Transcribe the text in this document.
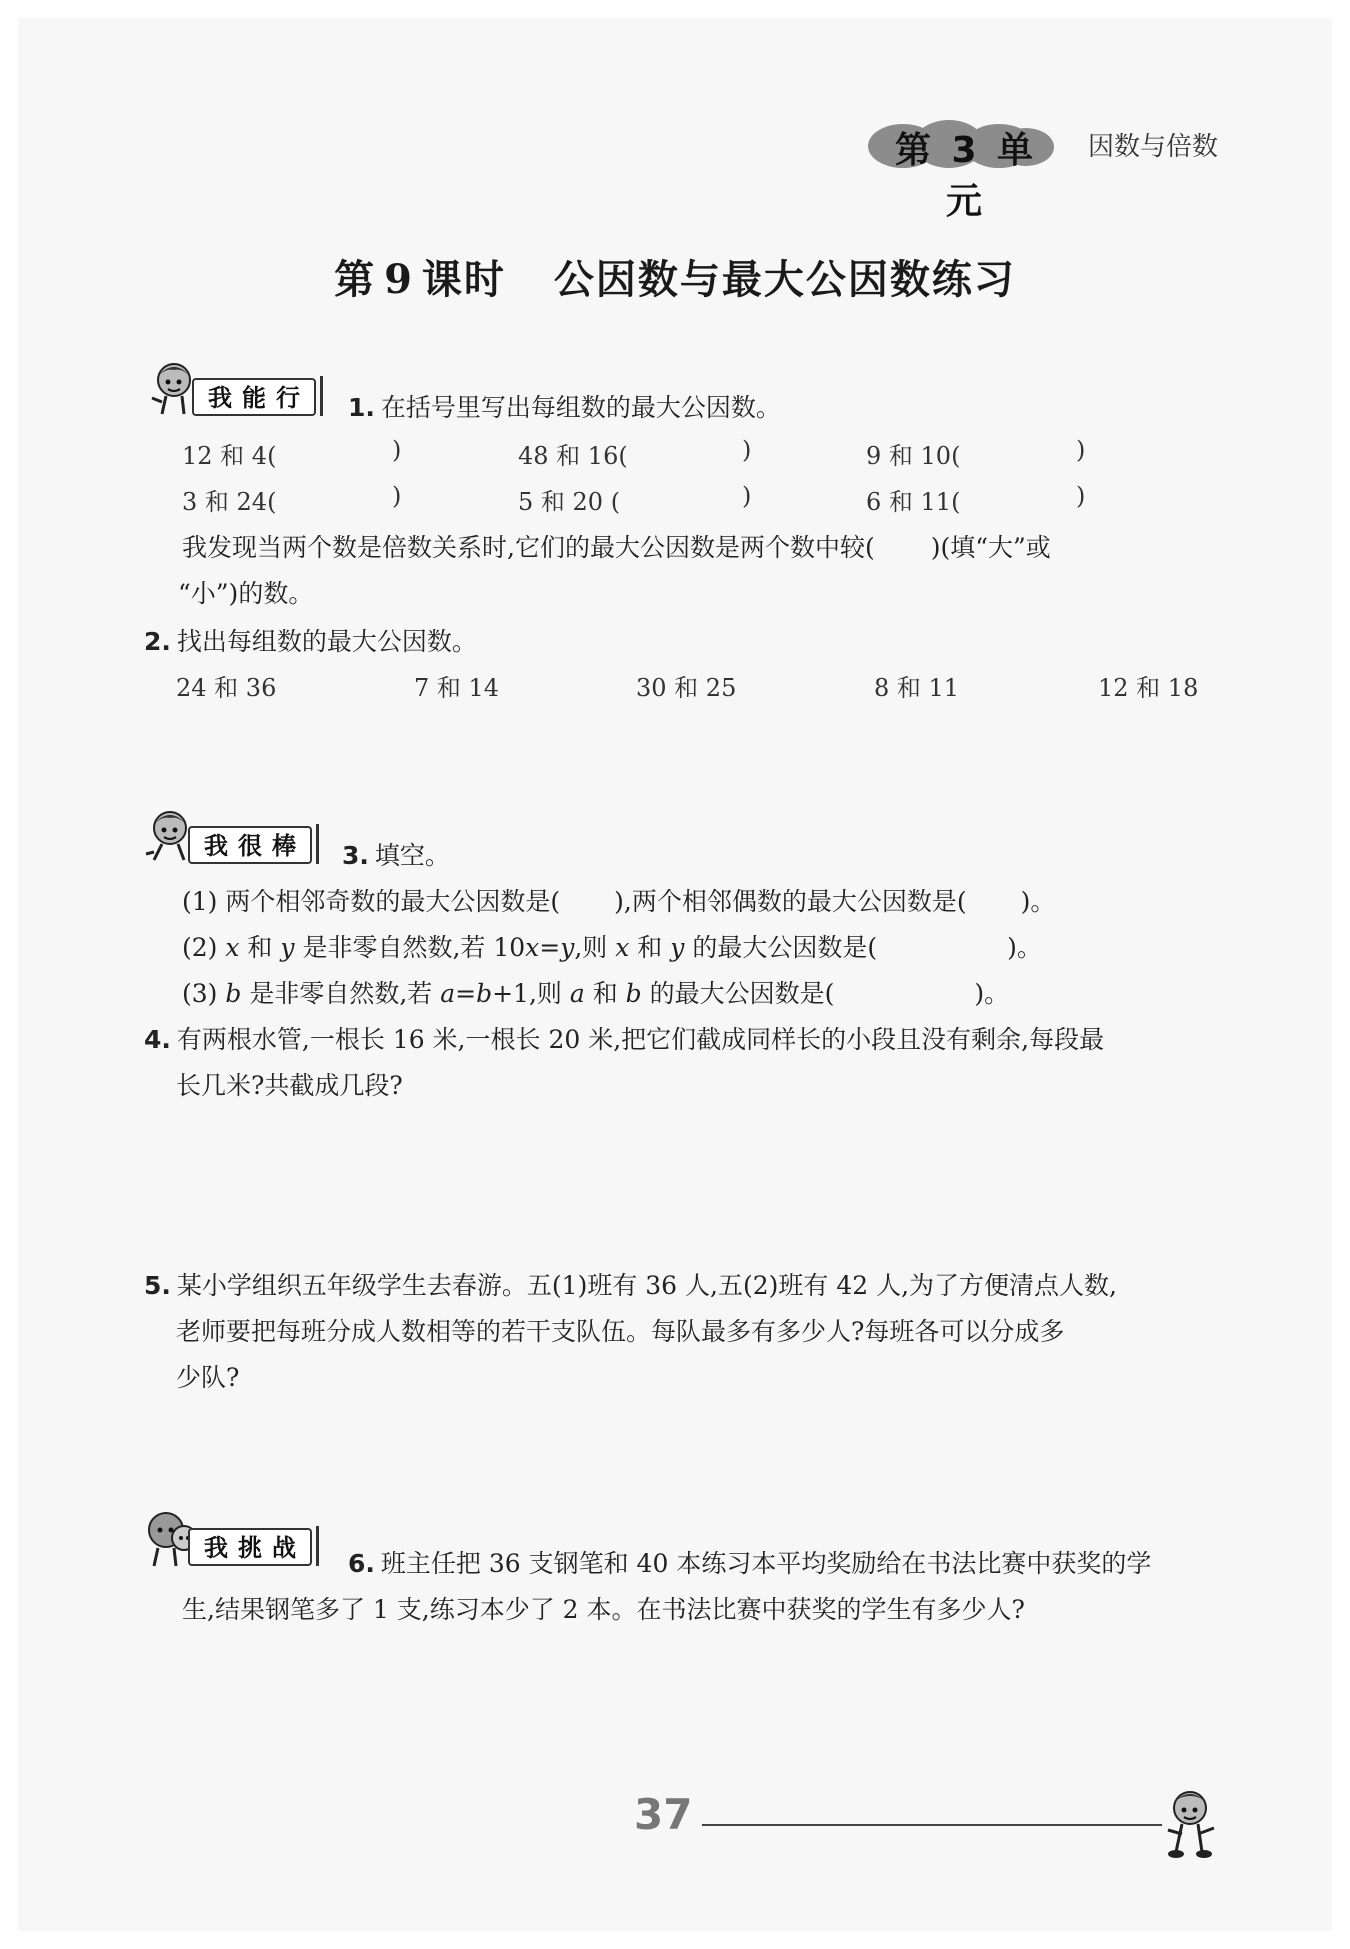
第 3 单元
因数与倍数
第 9 课时 公因数与最大公因数练习
我能行 1. 在括号里写出每组数的最大公因数。
12 和 4(	)	48 和 16(	)	9 和 10(	)
3 和 24(	)	5 和 20 (	)	6 和 11(	)
我发现当两个数是倍数关系时,它们的最大公因数是两个数中较( )(填“大”或
“小”)的数。
2. 找出每组数的最大公因数。
24 和 36	7 和 14	30 和 25	8 和 11	12 和 18
我很棒 3. 填空。
(1) 两个相邻奇数的最大公因数是( ),两个相邻偶数的最大公因数是( )。
(2) x 和 y 是非零自然数,若 10x=y,则 x 和 y 的最大公因数是(	)。
(3) b 是非零自然数,若 a=b+1,则 a 和 b 的最大公因数是(	)。
4. 有两根水管,一根长 16 米,一根长 20 米,把它们截成同样长的小段且没有剩余,每段最
长几米?共截成几段?
5. 某小学组织五年级学生去春游。五(1)班有 36 人,五(2)班有 42 人,为了方便清点人数,
老师要把每班分成人数相等的若干支队伍。每队最多有多少人?每班各可以分成多
少队?
我挑战
6. 班主任把 36 支钢笔和 40 本练习本平均奖励给在书法比赛中获奖的学
生,结果钢笔多了 1 支,练习本少了 2 本。在书法比赛中获奖的学生有多少人?
37
